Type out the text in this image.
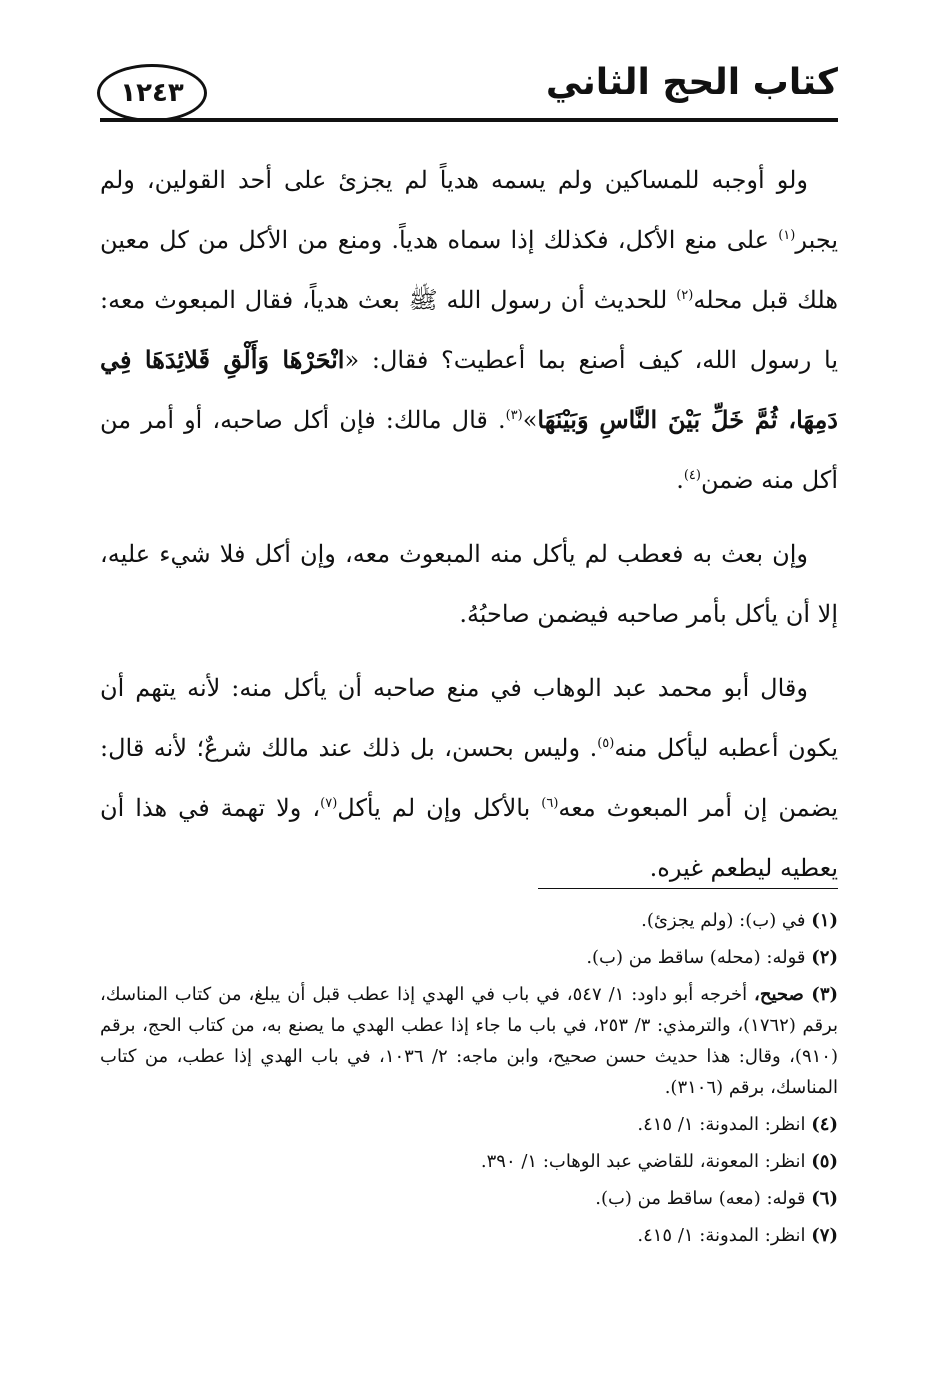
كتاب الحج الثاني
١٢٤٣

ولو أوجبه للمساكين ولم يسمه هدياً لم يجزئ على أحد القولين، ولم يجبر$^{(١)}$ على منع الأكل، فكذلك إذا سماه هدياً. ومنع من الأكل من كل معين هلك قبل محله$^{(٢)}$ للحديث أن رسول الله ﷺ بعث هدياً، فقال المبعوث معه: يا رسول الله، كيف أصنع بما أعطيت؟ فقال: «انْحَرْهَا وَأَلْقِ قَلائِدَهَا فِي دَمِهَا، ثُمَّ خَلِّ بَيْنَ النَّاسِ وَبَيْنَهَا»$^{(٣)}$. قال مالك: فإن أكل صاحبه، أو أمر من أكل منه ضمن$^{(٤)}$.

وإن بعث به فعطب لم يأكل منه المبعوث معه، وإن أكل فلا شيء عليه، إلا أن يأكل بأمر صاحبه فيضمن صاحبُهُ.

وقال أبو محمد عبد الوهاب في منع صاحبه أن يأكل منه: لأنه يتهم أن يكون أعطبه ليأكل منه$^{(٥)}$. وليس بحسن، بل ذلك عند مالك شرعٌ؛ لأنه قال: يضمن إن أمر المبعوث معه$^{(٦)}$ بالأكل وإن لم يأكل$^{(٧)}$، ولا تهمة في هذا أن يعطيه ليطعم غيره.

(١) في (ب): (ولم يجزئ).

(٢) قوله: (محله) ساقط من (ب).

(٣) صحيح، أخرجه أبو داود: ١/ ٥٤٧، في باب في الهدي إذا عطب قبل أن يبلغ، من كتاب المناسك، برقم (١٧٦٢)، والترمذي: ٣/ ٢٥٣، في باب ما جاء إذا عطب الهدي ما يصنع به، من كتاب الحج، برقم (٩١٠)، وقال: هذا حديث حسن صحيح، وابن ماجه: ٢/ ١٠٣٦، في باب الهدي إذا عطب، من كتاب المناسك، برقم (٣١٠٦).

(٤) انظر: المدونة: ١/ ٤١٥.

(٥) انظر: المعونة، للقاضي عبد الوهاب: ١/ ٣٩٠.

(٦) قوله: (معه) ساقط من (ب).

(٧) انظر: المدونة: ١/ ٤١٥.
